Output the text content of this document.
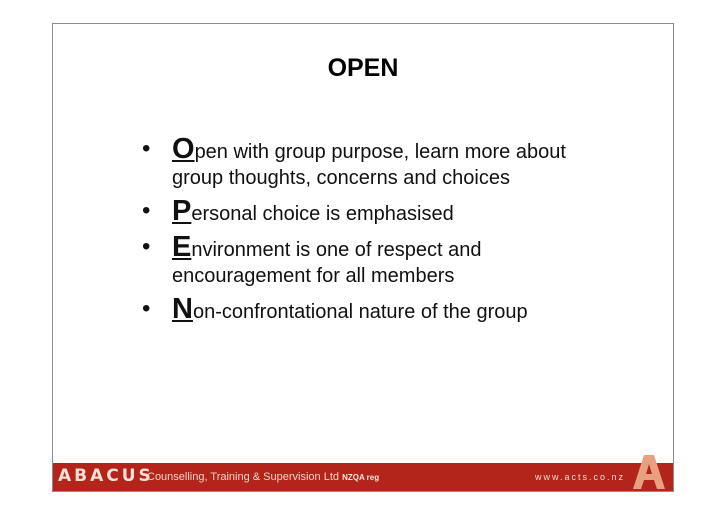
OPEN
• Open with group purpose, learn more about group thoughts, concerns and choices
• Personal choice is emphasised
• Environment is one of respect and encouragement for all members
• Non-confrontational nature of the group
ABACUS
Counselling, Training & Supervision Ltd NZQA reg	www.acts.co.nz
